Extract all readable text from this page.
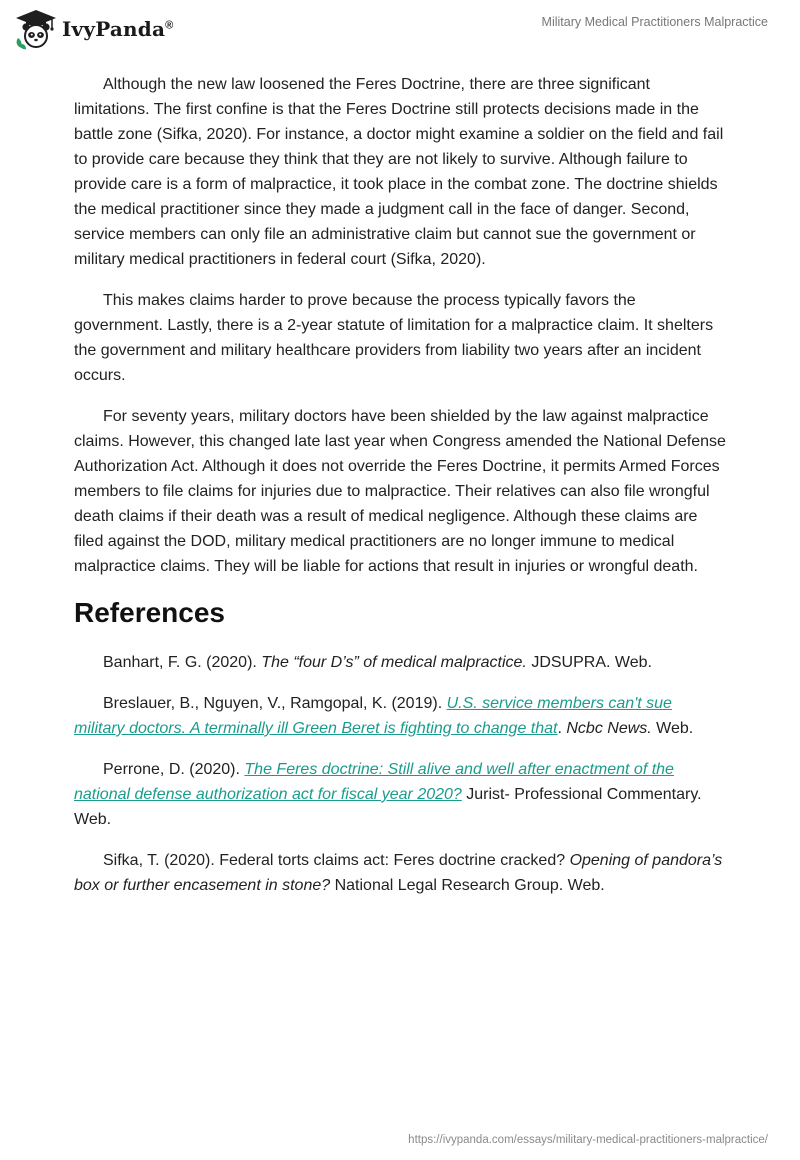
IvyPanda®	Military Medical Practitioners Malpractice

Although the new law loosened the Feres Doctrine, there are three significant limitations. The first confine is that the Feres Doctrine still protects decisions made in the battle zone (Sifka, 2020). For instance, a doctor might examine a soldier on the field and fail to provide care because they think that they are not likely to survive. Although failure to provide care is a form of malpractice, it took place in the combat zone. The doctrine shields the medical practitioner since they made a judgment call in the face of danger. Second, service members can only file an administrative claim but cannot sue the government or military medical practitioners in federal court (Sifka, 2020).

This makes claims harder to prove because the process typically favors the government. Lastly, there is a 2-year statute of limitation for a malpractice claim. It shelters the government and military healthcare providers from liability two years after an incident occurs.

For seventy years, military doctors have been shielded by the law against malpractice claims. However, this changed late last year when Congress amended the National Defense Authorization Act. Although it does not override the Feres Doctrine, it permits Armed Forces members to file claims for injuries due to malpractice. Their relatives can also file wrongful death claims if their death was a result of medical negligence. Although these claims are filed against the DOD, military medical practitioners are no longer immune to medical malpractice claims. They will be liable for actions that result in injuries or wrongful death.

References

Banhart, F. G. (2020). The “four D’s” of medical malpractice. JDSUPRA. Web.

Breslauer, B., Nguyen, V., Ramgopal, K. (2019). U.S. service members can't sue military doctors. A terminally ill Green Beret is fighting to change that. Ncbc News. Web.

Perrone, D. (2020). The Feres doctrine: Still alive and well after enactment of the national defense authorization act for fiscal year 2020? Jurist- Professional Commentary. Web.

Sifka, T. (2020). Federal torts claims act: Feres doctrine cracked? Opening of pandora’s box or further encasement in stone? National Legal Research Group. Web.

https://ivypanda.com/essays/military-medical-practitioners-malpractice/
